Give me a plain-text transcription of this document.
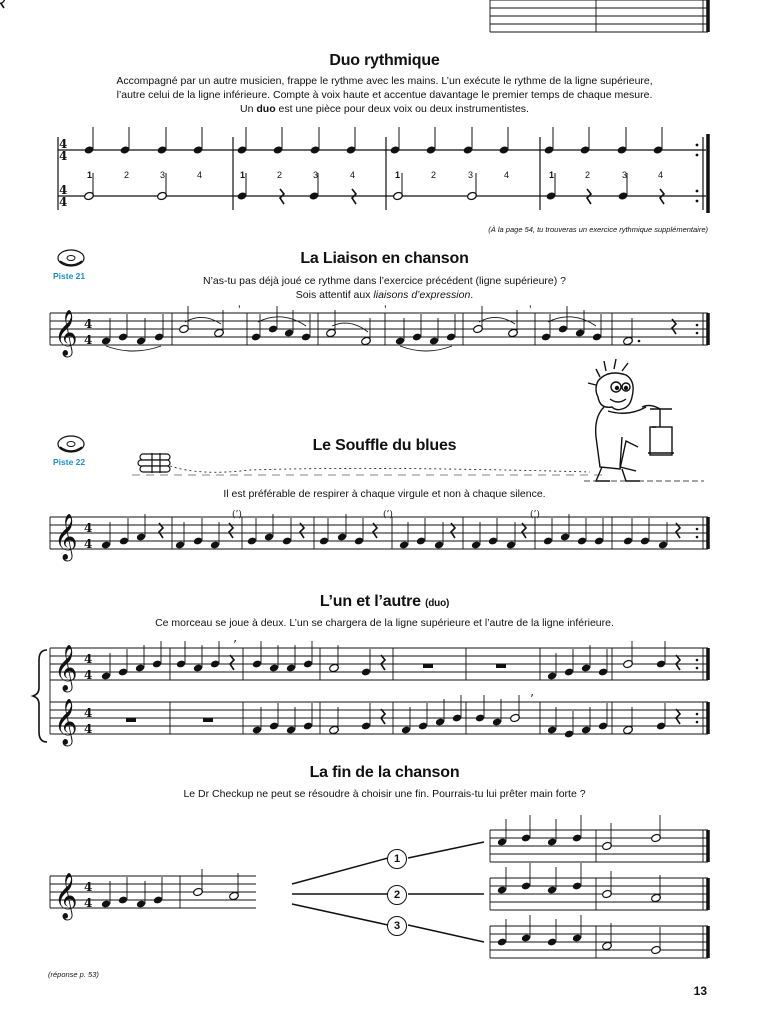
Duo rythmique
Accompagné par un autre musicien, frappe le rythme avec les mains. L’un exécute le rythme de la ligne supérieure,
l’autre celui de la ligne inférieure. Compte à voix haute et accentue davantage le premier temps de chaque mesure.
Un duo est une pièce pour deux voix ou deux instrumentistes.
4
4
4
4
1	2	3	4	1	2	3	4	1	2	3	4	1	2	3	4
(À la page 54, tu trouveras un exercice rythmique supplémentaire)
La Liaison en chanson
Piste 21	N’as-tu pas déjà joué ce rythme dans l’exercice précédent (ligne supérieure) ?
Sois attentif aux liaisons d’expression.
𝄞 4
4
’	’	’
Piste 22
Le Souffle du blues
Il est préférable de respirer à chaque virgule et non à chaque silence.
𝄞 4
4
(’)	(’)	(’)
L’un et l’autre (duo)
Ce morceau se joue à deux. L’un se chargera de la ligne supérieure et l’autre de la ligne inférieure.
𝄞
𝄞
4
4
4
4
’
’
La fin de la chanson
Le Dr Checkup ne peut se résoudre à choisir une fin. Pourrais-tu lui prêter main forte ?
𝄞 4
4
1
2
3
(réponse p. 53)
13
